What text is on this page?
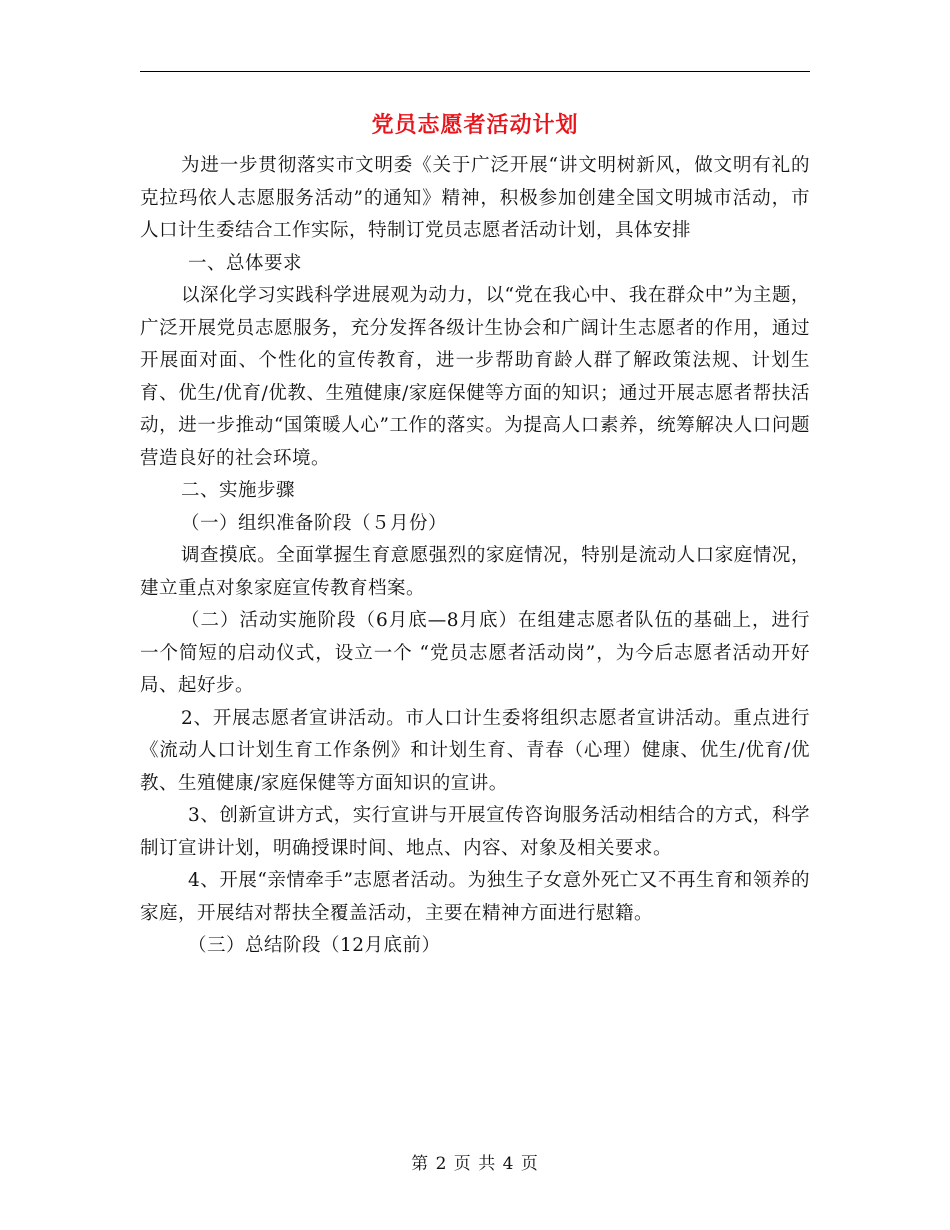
党员志愿者活动计划

为进一步贯彻落实市文明委《关于广泛开展“讲文明树新风，做文明有礼的克拉玛依人志愿服务活动”的通知》精神，积极参加创建全国文明城市活动，市人口计生委结合工作实际，特制订党员志愿者活动计划，具体安排

一、总体要求

以深化学习实践科学进展观为动力，以“党在我心中、我在群众中”为主题，广泛开展党员志愿服务，充分发挥各级计生协会和广阔计生志愿者的作用，通过开展面对面、个性化的宣传教育，进一步帮助育龄人群了解政策法规、计划生育、优生/优育/优教、生殖健康/家庭保健等方面的知识；通过开展志愿者帮扶活动，进一步推动“国策暖人心”工作的落实。为提高人口素养，统筹解决人口问题营造良好的社会环境。

二、实施步骤

（一）组织准备阶段（５月份）

调查摸底。全面掌握生育意愿强烈的家庭情况，特别是流动人口家庭情况，建立重点对象家庭宣传教育档案。

（二）活动实施阶段（6月底—8月底）在组建志愿者队伍的基础上，进行一个简短的启动仪式，设立一个 “党员志愿者活动岗”，为今后志愿者活动开好局、起好步。

2、开展志愿者宣讲活动。市人口计生委将组织志愿者宣讲活动。重点进行《流动人口计划生育工作条例》和计划生育、青春（心理）健康、优生/优育/优教、生殖健康/家庭保健等方面知识的宣讲。

3、创新宣讲方式，实行宣讲与开展宣传咨询服务活动相结合的方式，科学制订宣讲计划，明确授课时间、地点、内容、对象及相关要求。

4、开展“亲情牵手”志愿者活动。为独生子女意外死亡又不再生育和领养的家庭，开展结对帮扶全覆盖活动，主要在精神方面进行慰籍。

（三）总结阶段（12月底前）

第 2 页 共 4 页
